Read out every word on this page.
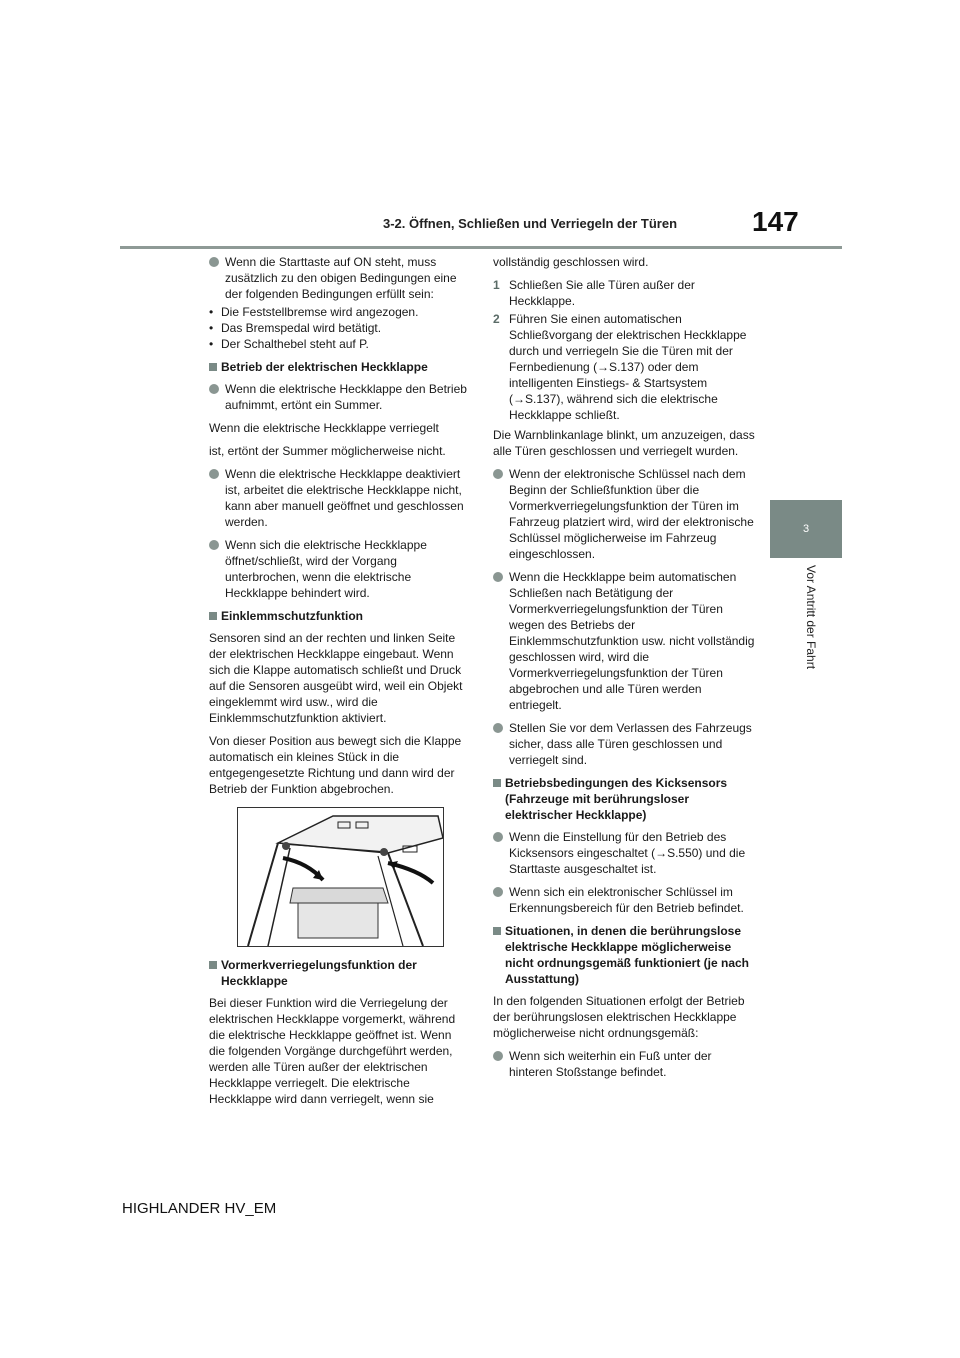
3-2. Öffnen, Schließen und Verriegeln der Türen	147
3
Vor Antritt der Fahrt
Wenn die Starttaste auf ON steht, muss zusätzlich zu den obigen Bedingungen eine der folgenden Bedingungen erfüllt sein:
• Die Feststellbremse wird angezogen.
• Das Bremspedal wird betätigt.
• Der Schalthebel steht auf P.
Betrieb der elektrischen Heckklappe
Wenn die elektrische Heckklappe den Betrieb aufnimmt, ertönt ein Summer.

Wenn die elektrische Heckklappe verriegelt

ist, ertönt der Summer möglicherweise nicht.

Wenn die elektrische Heckklappe deaktiviert ist, arbeitet die elektrische Heckklappe nicht, kann aber manuell geöffnet und geschlossen werden.
Wenn sich die elektrische Heckklappe öffnet/schließt, wird der Vorgang unterbrochen, wenn die elektrische Heckklappe behindert wird.
Einklemmschutzfunktion

Sensoren sind an der rechten und linken Seite der elektrischen Heckklappe eingebaut. Wenn sich die Klappe automatisch schließt und Druck auf die Sensoren ausgeübt wird, weil ein Objekt eingeklemmt wird usw., wird die Einklemmschutzfunktion aktiviert.

Von dieser Position aus bewegt sich die Klappe automatisch ein kleines Stück in die entgegengesetzte Richtung und dann wird der Betrieb der Funktion abgebrochen.

Vormerkverriegelungsfunktion der Heckklappe

Bei dieser Funktion wird die Verriegelung der elektrischen Heckklappe vorgemerkt, während die elektrische Heckklappe geöffnet ist. Wenn die folgenden Vorgänge durchgeführt werden, werden alle Türen außer der elektrischen Heckklappe verriegelt. Die elektrische Heckklappe wird dann verriegelt, wenn sie

vollständig geschlossen wird.

1 Schließen Sie alle Türen außer der Heckklappe.
2 Führen Sie einen automatischen Schließvorgang der elektrischen Heckklappe durch und verriegeln Sie die Türen mit der Fernbedienung (→S.137) oder dem intelligenten Einstiegs- & Startsystem (→S.137), während sich die elektrische Heckklappe schließt.

Die Warnblinkanlage blinkt, um anzuzeigen, dass alle Türen geschlossen und verriegelt wurden.

Wenn der elektronische Schlüssel nach dem Beginn der Schließfunktion über die Vormerkverriegelungsfunktion der Türen im Fahrzeug platziert wird, wird der elektronische Schlüssel möglicherweise im Fahrzeug eingeschlossen.
Wenn die Heckklappe beim automatischen Schließen nach Betätigung der Vormerkverriegelungsfunktion der Türen wegen des Betriebs der Einklemmschutzfunktion usw. nicht vollständig geschlossen wird, wird die Vormerkverriegelungsfunktion der Türen abgebrochen und alle Türen werden entriegelt.
Stellen Sie vor dem Verlassen des Fahrzeugs sicher, dass alle Türen geschlossen und verriegelt sind.
Betriebsbedingungen des Kicksensors (Fahrzeuge mit berührungsloser elektrischer Heckklappe)
Wenn die Einstellung für den Betrieb des Kicksensors eingeschaltet (→S.550) und die Starttaste ausgeschaltet ist.
Wenn sich ein elektronischer Schlüssel im Erkennungsbereich für den Betrieb befindet.
Situationen, in denen die berührungslose elektrische Heckklappe möglicherweise nicht ordnungsgemäß funktioniert (je nach Ausstattung)

In den folgenden Situationen erfolgt der Betrieb der berührungslosen elektrischen Heckklappe möglicherweise nicht ordnungsgemäß:

Wenn sich weiterhin ein Fuß unter der hinteren Stoßstange befindet.
HIGHLANDER HV_EM
